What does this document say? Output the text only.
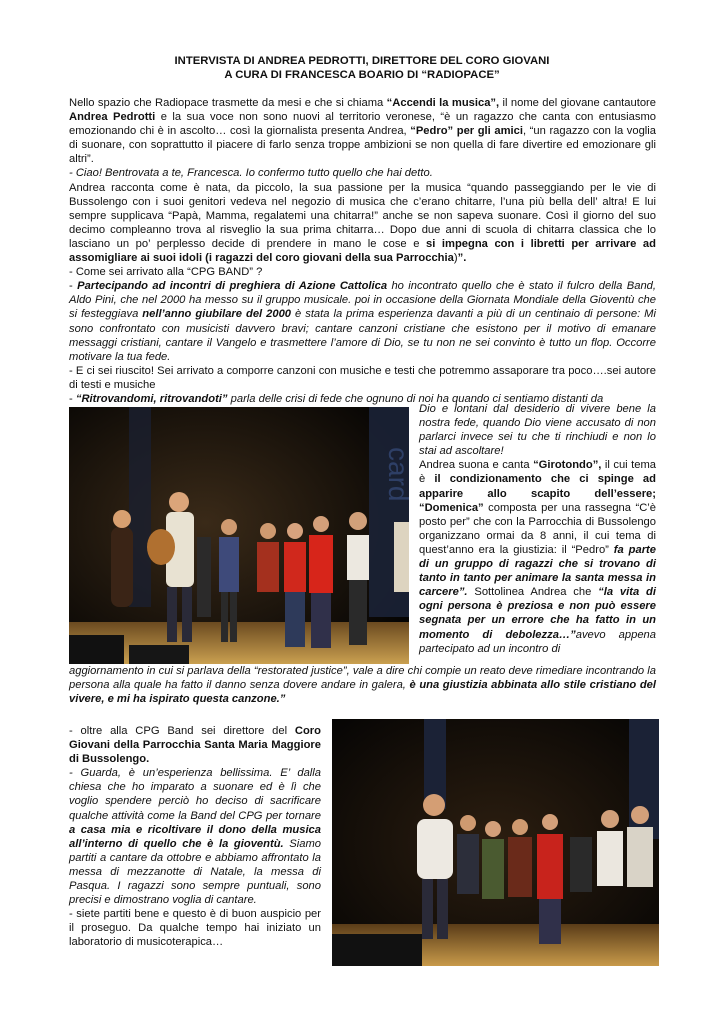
INTERVISTA DI ANDREA PEDROTTI, DIRETTORE DEL CORO GIOVANI
A CURA DI FRANCESCA BOARIO DI “RADIOPACE”

Nello spazio che Radiopace trasmette da mesi e che si chiama “Accendi la musica”, il nome del giovane cantautore Andrea Pedrotti e la sua voce non sono nuovi al territorio veronese, “è un ragazzo che canta con entusiasmo emozionando chi è in ascolto… così la giornalista presenta Andrea, “Pedro” per gli amici, “un ragazzo con la voglia di suonare, con soprattutto il piacere di farlo senza troppe ambizioni se non quella di fare divertire ed emozionare gli altri”.

- Ciao! Bentrovata a te, Francesca. Io confermo tutto quello che hai detto.

Andrea racconta come è nata, da piccolo, la sua passione per la musica “quando passeggiando per le vie di Bussolengo con i suoi genitori vedeva nel negozio di musica che c’erano chitarre, l’una più bella dell’ altra! E lui sempre supplicava “Papà, Mamma, regalatemi una chitarra!” anche se non sapeva suonare. Così il giorno del suo decimo compleanno trova al risveglio la sua prima chitarra… Dopo due anni di scuola di chitarra classica che lo lasciano un po’ perplesso decide di prendere in mano le cose e si impegna con i libretti per arrivare ad assomigliare ai suoi idoli (i ragazzi del coro giovani della sua Parrocchia)”.

- Come sei arrivato alla “CPG BAND” ?

- Partecipando ad incontri di preghiera di Azione Cattolica ho incontrato quello che è stato il fulcro della Band, Aldo Pini, che nel 2000 ha messo su il gruppo musicale. poi in occasione della Giornata Mondiale della Gioventù che si festeggiava nell’anno giubilare del 2000 è stata la prima esperienza davanti a più di un centinaio di persone: Mi sono confrontato con musicisti davvero bravi; cantare canzoni cristiane che esistono per il motivo di emanare messaggi cristiani, cantare il Vangelo e trasmettere l’amore di Dio, se tu non ne sei convinto è tutto un flop. Occorre motivare la tua fede.

- E ci sei riuscito! Sei arrivato a comporre canzoni con musiche e testi che potremmo assaporare tra poco….sei autore di testi e musiche

- “Ritrovandomi, ritrovandoti” parla delle crisi di fede che ognuno di noi ha quando ci sentiamo distanti da

card

Dio e lontani dal desiderio di vivere bene la nostra fede, quando Dio viene accusato di non parlarci invece sei tu che ti rinchiudi e non lo stai ad ascoltare!

Andrea suona e canta “Girotondo”, il cui tema è il condizionamento che ci spinge ad apparire allo scapito dell’essere; “Domenica” composta per una rassegna “C’è posto per” che con la Parrocchia di Bussolengo organizzano ormai da 8 anni, il cui tema di quest’anno era la giustizia: il “Pedro” fa parte di un gruppo di ragazzi che si trovano di tanto in tanto per animare la santa messa in carcere”. Sottolinea Andrea che “la vita di ogni persona è preziosa e non può essere segnata per un errore che ha fatto in un momento di debolezza…”avevo appena partecipato ad un incontro di

aggiornamento in cui si parlava della “restorated justice”, vale a dire chi compie un reato deve rimediare incontrando la persona alla quale ha fatto il danno senza dovere andare in galera, è una giustizia abbinata allo stile cristiano del vivere, e mi ha ispirato questa canzone.”

- oltre alla CPG Band sei direttore del Coro Giovani della Parrocchia Santa Maria Maggiore di Bussolengo.

- Guarda, è un’esperienza bellissima. E’ dalla chiesa che ho imparato a suonare ed è lì che voglio spendere perciò ho deciso di sacrificare qualche attività come la Band del CPG per tornare a casa mia e ricoltivare il dono della musica all’interno di quello che è la gioventù. Siamo partiti a cantare da ottobre e abbiamo affrontato la messa di mezzanotte di Natale, la messa di Pasqua. I ragazzi sono sempre puntuali, sono precisi e dimostrano voglia di cantare.

- siete partiti bene e questo è di buon auspicio per il proseguo. Da qualche tempo hai iniziato un laboratorio di musicoterapica…
